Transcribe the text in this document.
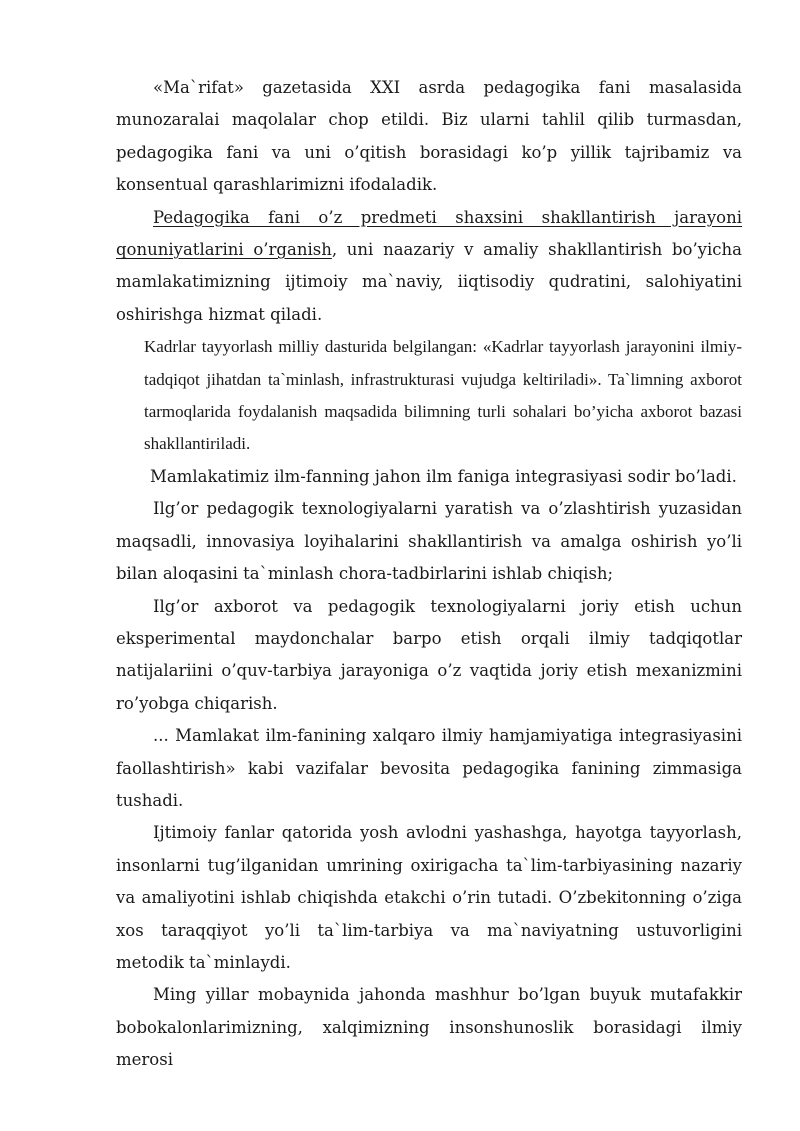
«Ma`rifat» gazetasida XXI asrda pedagogika fani masalasida munozaralai maqolalar chop etildi. Biz ularni tahlil qilib turmasdan, pedagogika fani va uni o’qitish borasidagi ko’p yillik tajribamiz va konsentual qarashlarimizni ifodaladik.

Pedagogika fani o’z predmeti shaxsini shakllantirish jarayoni qonuniyatlarini o’rganish, uni naazariy v amaliy shakllantirish bo’yicha mamlakatimizning ijtimoiy ma`naviy, iiqtisodiy qudratini, salohiyatini oshirishga hizmat qiladi.

Kadrlar tayyorlash milliy dasturida belgilangan: «Kadrlar tayyorlash jarayonini ilmiy-tadqiqot jihatdan ta`minlash, infrastrukturasi vujudga keltiriladi». Ta`limning axborot tarmoqlarida foydalanish maqsadida bilimning turli sohalari bo’yicha axborot bazasi shakllantiriladi.

Mamlakatimiz ilm-fanning jahon ilm faniga integrasiyasi sodir bo’ladi.

Ilg’or pedagogik texnologiyalarni yaratish va o’zlashtirish yuzasidan maqsadli, innovasiya loyihalarini shakllantirish va amalga oshirish yo’li bilan aloqasini ta`minlash chora-tadbirlarini ishlab chiqish;

Ilg’or axborot va pedagogik texnologiyalarni joriy etish uchun eksperimental maydonchalar barpo etish orqali ilmiy tadqiqotlar natijalariini o’quv-tarbiya jarayoniga o’z vaqtida joriy etish mexanizmini ro’yobga chiqarish.

... Mamlakat ilm-fanining xalqaro ilmiy hamjamiyatiga integrasiyasini faollashtirish» kabi vazifalar bevosita pedagogika fanining zimmasiga tushadi.

Ijtimoiy fanlar qatorida yosh avlodni yashashga, hayotga tayyorlash, insonlarni tug’ilganidan umrining oxirigacha ta`lim-tarbiyasining nazariy va amaliyotini ishlab chiqishda etakchi o’rin tutadi. O’zbekitonning o’ziga xos taraqqiyot yo’li ta`lim-tarbiya va ma`naviyatning ustuvorligini metodik ta`minlaydi.

Ming yillar mobaynida jahonda mashhur bo’lgan buyuk mutafakkir bobokalonlarimizning, xalqimizning insonshunoslik borasidagi ilmiy merosi
